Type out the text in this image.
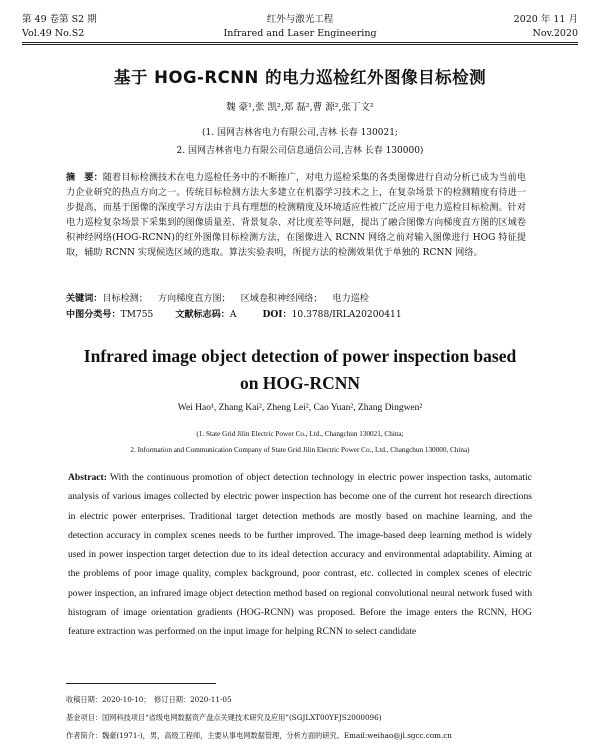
第 49 卷第 S2 期	红外与激光工程	2020 年 11 月
Vol.49 No.S2	Infrared and Laser Engineering	Nov.2020
基于 HOG-RCNN 的电力巡检红外图像目标检测
魏 豪¹,张 凯²,郑 磊²,曹 源²,张丁文²
(1. 国网吉林省电力有限公司,吉林 长春 130021;
2. 国网吉林省电力有限公司信息通信公司,吉林 长春 130000)
摘　要：随着目标检测技术在电力巡检任务中的不断推广，对电力巡检采集的各类图像进行自动分析已成为当前电力企业研究的热点方向之一。传统目标检测方法大多建立在机器学习技术之上，在复杂场景下的检测精度有待进一步提高，而基于图像的深度学习方法由于具有理想的检测精度及环境适应性被广泛应用于电力巡检目标检测。针对电力巡检复杂场景下采集到的图像质量差、背景复杂、对比度差等问题，提出了融合图像方向梯度直方图的区域卷积神经网络(HOG-RCNN)的红外图像目标检测方法，在图像进入 RCNN 网络之前对输入图像进行 HOG 特征提取，辅助 RCNN 实现候选区域的选取。算法实验表明，所提方法的检测效果优于单独的 RCNN 网络。
关键词：目标检测； 方向梯度直方图； 区域卷积神经网络； 电力巡检
中图分类号：TM755 文献标志码：A	DOI：10.3788/IRLA20200411
Infrared image object detection of power inspection based
on HOG-RCNN
Wei Hao¹, Zhang Kai², Zheng Lei², Cao Yuan², Zhang Dingwen²
(1. State Grid Jilin Electric Power Co., Ltd., Changchun 130021, China;
2. Information and Communication Company of State Grid Jilin Electric Power Co., Ltd., Changchun 130000, China)
Abstract: With the continuous promotion of object detection technology in electric power inspection tasks, automatic analysis of various images collected by electric power inspection has become one of the current hot research directions in electric power enterprises. Traditional target detection methods are mostly based on machine learning, and the detection accuracy in complex scenes needs to be further improved. The image-based deep learning method is widely used in power inspection target detection due to its ideal detection accuracy and environmental adaptability. Aiming at the problems of poor image quality, complex background, poor contrast, etc. collected in complex scenes of electric power inspection, an infrared image object detection method based on regional convolutional neural network fused with histogram of image orientation gradients (HOG-RCNN) was proposed. Before the image enters the RCNN, HOG feature extraction was performed on the input image for helping RCNN to select candidate
收稿日期：2020-10-10；　修订日期：2020-11-05
基金项目：国网科技项目“省级电网数据资产盘点关键技术研究及应用”(SGJLXT00YFJS2000096)
作者简介：魏豪(1971-)，男，高级工程师，主要从事电网数据管理，分析方面的研究。Email:weihao@jl.sgcc.com.cn
